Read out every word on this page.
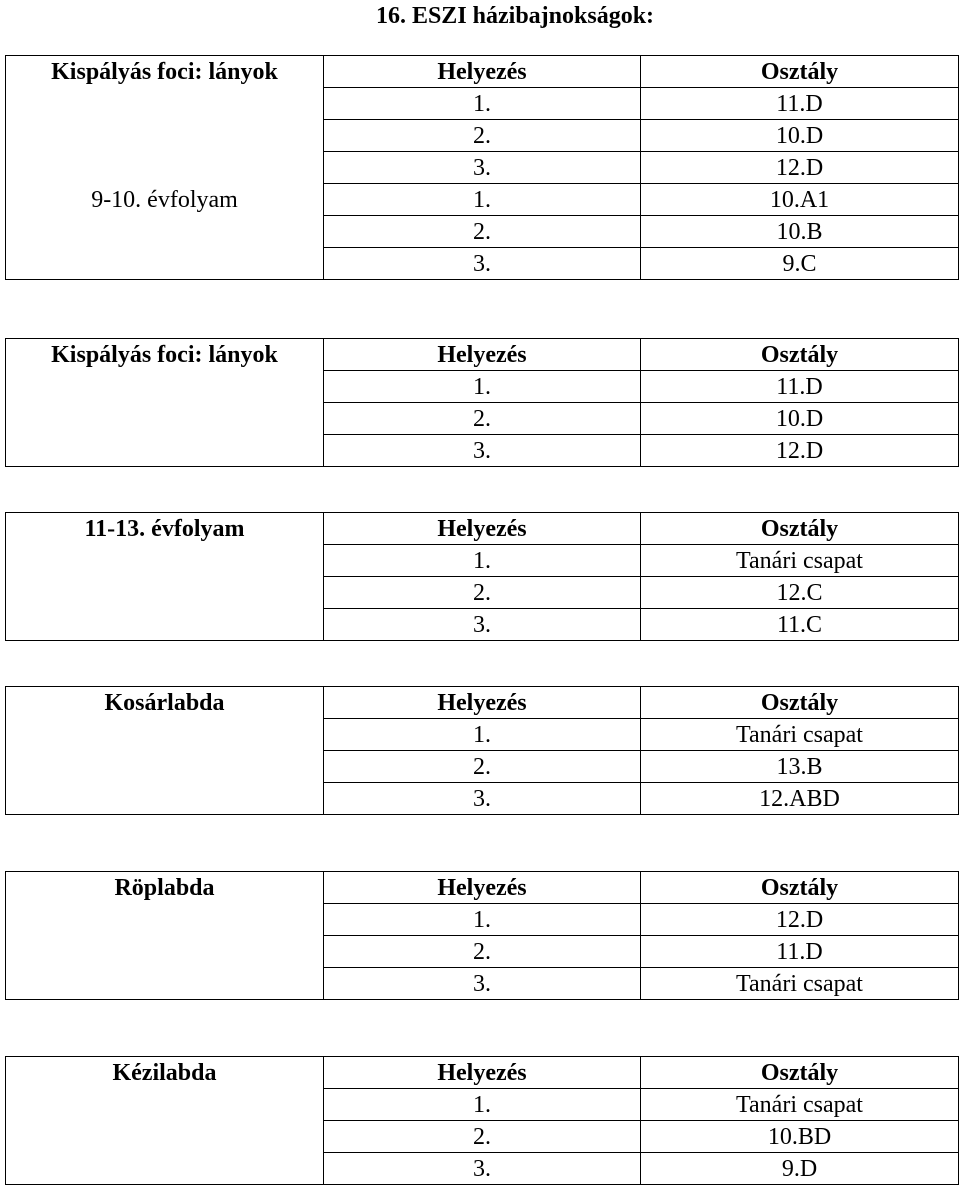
16. ESZI házibajnokságok:
Kispályás foci: lányok	Helyezés	Osztály
	1.	11.D
	2.	10.D
	3.	12.D
9-10. évfolyam	1.	10.A1
	2.	10.B
	3.	9.C
Kispályás foci: lányok	Helyezés	Osztály
	1.	11.D
	2.	10.D
	3.	12.D
11-13. évfolyam	Helyezés	Osztály
	1.	Tanári csapat
	2.	12.C
	3.	11.C
Kosárlabda	Helyezés	Osztály
	1.	Tanári csapat
	2.	13.B
	3.	12.ABD
Röplabda	Helyezés	Osztály
	1.	12.D
	2.	11.D
	3.	Tanári csapat
Kézilabda	Helyezés	Osztály
	1.	Tanári csapat
	2.	10.BD
	3.	9.D
